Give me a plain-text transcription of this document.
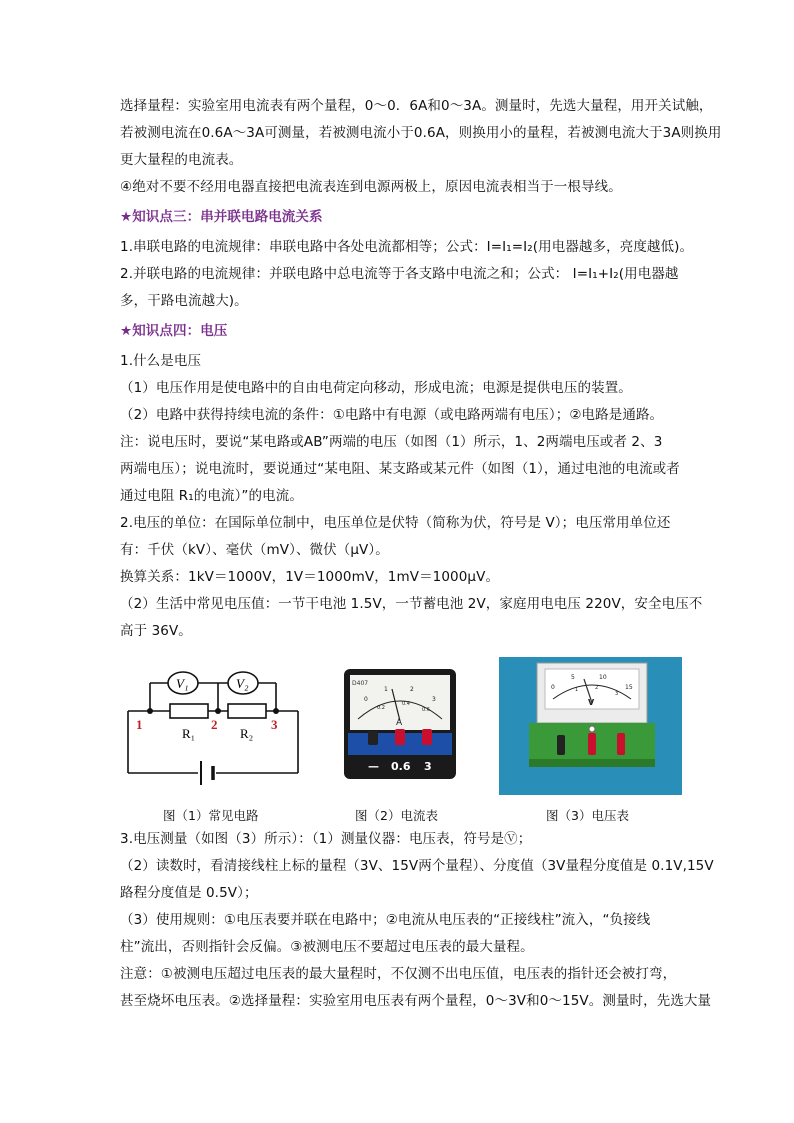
选择量程：实验室用电流表有两个量程，0～0．6A和0～3A。测量时，先选大量程，用开关试触，
若被测电流在0.6A～3A可测量，若被测电流小于0.6A，则换用小的量程，若被测电流大于3A则换用
更大量程的电流表。
④绝对不要不经用电器直接把电流表连到电源两极上，原因电流表相当于一根导线。
★知识点三：串并联电路电流关系
1.串联电路的电流规律：串联电路中各处电流都相等；公式：I=I₁=I₂(用电器越多，亮度越低)。
2.并联电路的电流规律：并联电路中总电流等于各支路中电流之和；公式： I=I₁+I₂(用电器越
多，干路电流越大)。
★知识点四：电压
1.什么是电压
（1）电压作用是使电路中的自由电荷定向移动，形成电流；电源是提供电压的装置。
（2）电路中获得持续电流的条件：①电路中有电源（或电路两端有电压）；②电路是通路。
注：说电压时，要说“某电路或AB”两端的电压（如图（1）所示，1、2两端电压或者 2、3
两端电压）；说电流时，要说通过“某电阻、某支路或某元件（如图（1），通过电池的电流或者
通过电阻 R₁的电流）”的电流。
2.电压的单位：在国际单位制中，电压单位是伏特（简称为伏，符号是 V）；电压常用单位还
有：千伏（kV）、毫伏（mV）、微伏（μV）。
换算关系：1kV＝1000V，1V＝1000mV，1mV＝1000μV。
（2）生活中常见电压值：一节干电池 1.5V，一节蓄电池 2V，家庭用电电压 220V，安全电压不
高于 36V。
V₁	V₂
R₁	R₂
1	2	3
D407
0
1	2
3
0.2
0.4
0.6
A
— 0.6 3
0
5	10
15
1	2
3
V
图（1）常见电路	图（2）电流表	图（3）电压表
3.电压测量（如图（3）所示）：（1）测量仪器：电压表，符号是Ⓥ；
（2）读数时，看清接线柱上标的量程（3V、15V两个量程）、分度值（3V量程分度值是 0.1V,15V
路程分度值是 0.5V）；
（3）使用规则：①电压表要并联在电路中；②电流从电压表的“正接线柱”流入，“负接线
柱”流出，否则指针会反偏。③被测电压不要超过电压表的最大量程。
注意：①被测电压超过电压表的最大量程时，不仅测不出电压值，电压表的指针还会被打弯，
甚至烧坏电压表。②选择量程：实验室用电压表有两个量程，0～3V和0～15V。测量时，先选大量
